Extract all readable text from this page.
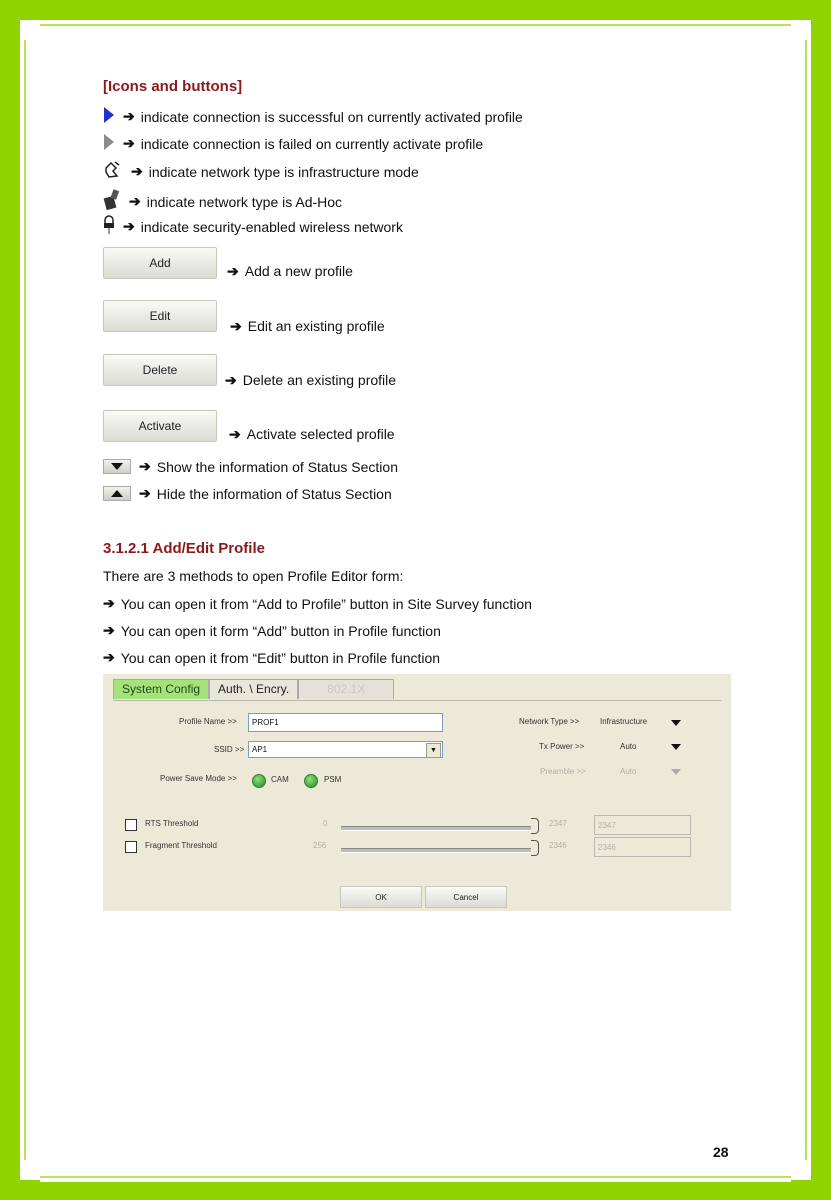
[Icons and buttons]
➔ indicate connection is successful on currently activated profile
➔ indicate connection is failed on currently activate profile
➔ indicate network type is infrastructure mode
➔ indicate network type is Ad-Hoc
➔ indicate security-enabled wireless network
Add	➔ Add a new profile
Edit
➔ Edit an existing profile
Delete
➔ Delete an existing profile
Activate	➔ Activate selected profile
➔ Show the information of Status Section
➔ Hide the information of Status Section
3.1.2.1 Add/Edit Profile
There are 3 methods to open Profile Editor form:
➔ You can open it from “Add to Profile” button in Site Survey function
➔ You can open it form “Add” button in Profile function
➔ You can open it from “Edit” button in Profile function
System Config	Auth. \ Encry.	802.1X
Profile Name >>	PROF1
SSID >> AP1	▼
Power Save Mode >>	CAM	PSM
Network Type >>	Infrastructure
Tx Power >>	Auto
Preamble >>	Auto
RTS Threshold	0	2347	2347
Fragment Threshold	256	2346	2346
OK	Cancel
28
